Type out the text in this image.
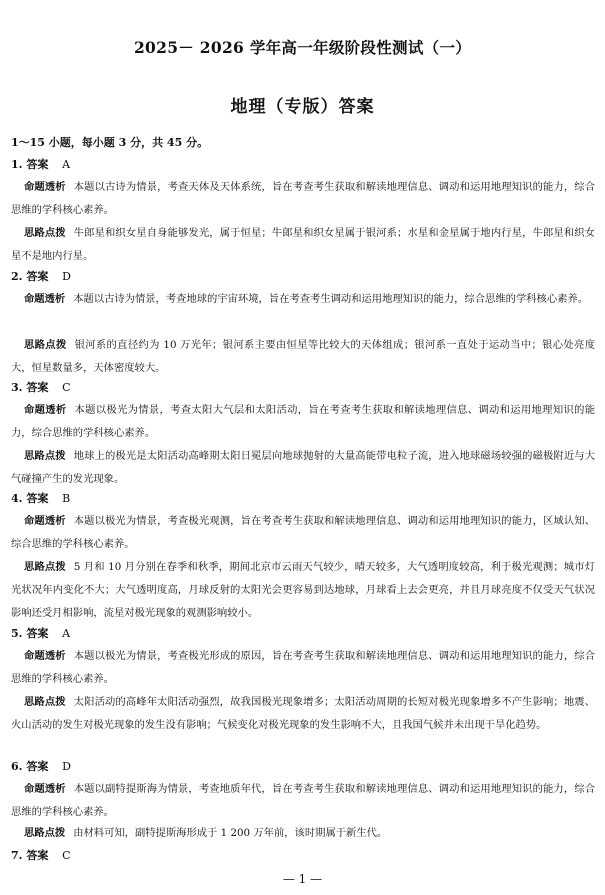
2025－ 2026 学年高一年级阶段性测试（一）
地理（专版）答案
1～15 小题，每小题 3 分，共 45 分。
1. 答案 A
命题透析 本题以古诗为情景，考查天体及天体系统，旨在考查考生获取和解读地理信息、调动和运用地理知识的能力，综合思维的学科核心素养。
思路点拨 牛郎星和织女星自身能够发光，属于恒星；牛郎星和织女星属于银河系；水星和金星属于地内行星，牛郎星和织女星不是地内行星。
2. 答案 D
命题透析 本题以古诗为情景，考查地球的宇宙环境，旨在考查考生调动和运用地理知识的能力，综合思维的学科核心素养。
思路点拨 银河系的直径约为 10 万光年；银河系主要由恒星等比较大的天体组成；银河系一直处于运动当中；银心处亮度大，恒星数量多，天体密度较大。
3. 答案 C
命题透析 本题以极光为情景，考查太阳大气层和太阳活动，旨在考查考生获取和解读地理信息、调动和运用地理知识的能力，综合思维的学科核心素养。
思路点拨 地球上的极光是太阳活动高峰期太阳日冕层向地球抛射的大量高能带电粒子流，进入地球磁场较强的磁极附近与大气碰撞产生的发光现象。
4. 答案 B
命题透析 本题以极光为情景，考查极光观测，旨在考查考生获取和解读地理信息、调动和运用地理知识的能力，区域认知、综合思维的学科核心素养。
思路点拨 5 月和 10 月分别在春季和秋季，期间北京市云雨天气较少，晴天较多，大气透明度较高，利于极光观测；城市灯光状况年内变化不大；大气透明度高，月球反射的太阳光会更容易到达地球，月球看上去会更亮，并且月球亮度不仅受天气状况影响还受月相影响，流星对极光现象的观测影响较小。
5. 答案 A
命题透析 本题以极光为情景，考查极光形成的原因，旨在考查考生获取和解读地理信息、调动和运用地理知识的能力，综合思维的学科核心素养。
思路点拨 太阳活动的高峰年太阳活动强烈，故我国极光现象增多；太阳活动周期的长短对极光现象增多不产生影响；地震、火山活动的发生对极光现象的发生没有影响；气候变化对极光现象的发生影响不大，且我国气候并未出现干旱化趋势。
6. 答案 D
命题透析 本题以副特提斯海为情景，考查地质年代，旨在考查考生获取和解读地理信息、调动和运用地理知识的能力，综合思维的学科核心素养。
思路点拨 由材料可知，副特提斯海形成于 1 200 万年前，该时期属于新生代。
7. 答案 C
— 1 —
